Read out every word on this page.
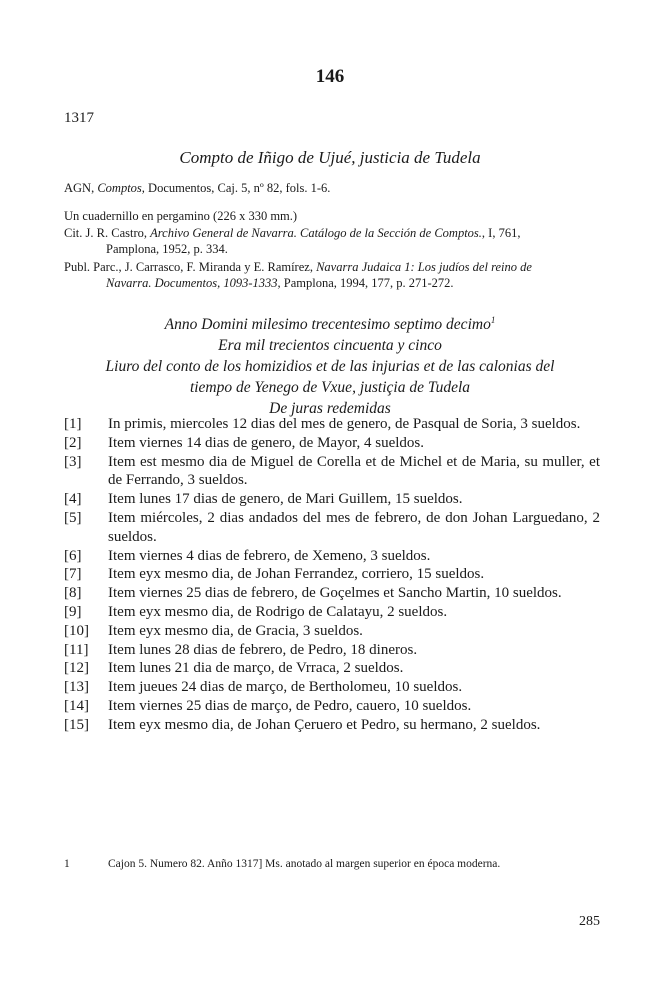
146
1317
Compto de Iñigo de Ujué, justicia de Tudela
AGN, Comptos, Documentos, Caj. 5, nº 82, fols. 1-6.
Un cuadernillo en pergamino (226 x 330 mm.)
Cit. J. R. Castro, Archivo General de Navarra. Catálogo de la Sección de Comptos., I, 761,
Pamplona, 1952, p. 334.
Publ. Parc., J. Carrasco, F. Miranda y E. Ramírez, Navarra Judaica 1: Los judíos del reino de
Navarra. Documentos, 1093-1333, Pamplona, 1994, 177, p. 271-272.
Anno Domini milesimo trecentesimo septimo decimo$^1$
Era mil trecientos cincuenta y cinco
Liuro del conto de los homizidios et de las injurias et de las calonias del
tiempo de Yenego de Vxue, justiçia de Tudela
De juras redemidas
[1]	In primis, miercoles 12 dias del mes de genero, de Pasqual de Soria, 3 sueldos.
[2]	Item viernes 14 dias de genero, de Mayor, 4 sueldos.
[3]	Item est mesmo dia de Miguel de Corella et de Michel et de Maria, su muller, et de Ferrando, 3 sueldos.
[4]	Item lunes 17 dias de genero, de Mari Guillem, 15 sueldos.
[5]	Item miércoles, 2 dias andados del mes de febrero, de don Johan Larguedano, 2 sueldos.
[6]	Item viernes 4 dias de febrero, de Xemeno, 3 sueldos.
[7]	Item eyx mesmo dia, de Johan Ferrandez, corriero, 15 sueldos.
[8]	Item viernes 25 dias de febrero, de Goçelmes et Sancho Martin, 10 sueldos.
[9]	Item eyx mesmo dia, de Rodrigo de Calatayu, 2 sueldos.
[10]	Item eyx mesmo dia, de Gracia, 3 sueldos.
[11]	Item lunes 28 dias de febrero, de Pedro, 18 dineros.
[12]	Item lunes 21 dia de março, de Vrraca, 2 sueldos.
[13]	Item jueues 24 dias de março, de Bertholomeu, 10 sueldos.
[14]	Item viernes 25 dias de março, de Pedro, cauero, 10 sueldos.
[15]	Item eyx mesmo dia, de Johan Çeruero et Pedro, su hermano, 2 sueldos.
1	Cajon 5. Numero 82. Anño 1317] Ms. anotado al margen superior en época moderna.
285
